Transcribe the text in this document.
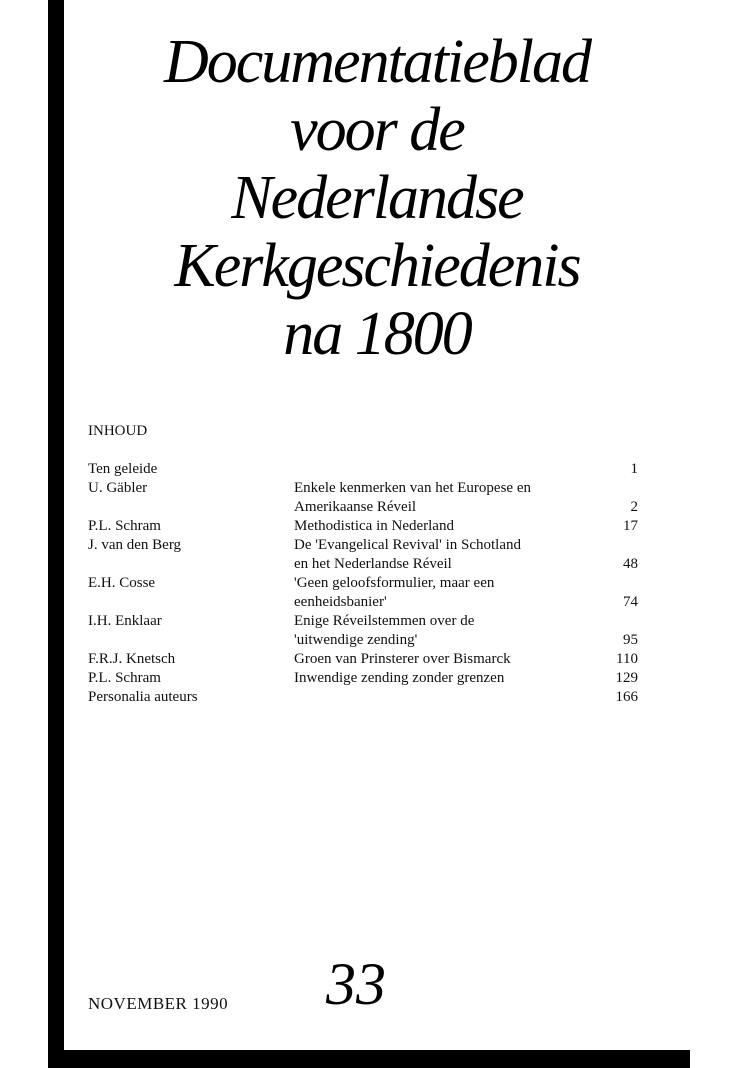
Documentatieblad
voor de
Nederlandse
Kerkgeschiedenis
na 1800
INHOUD
Ten geleide	1
U. Gäbler	Enkele kenmerken van het Europese en
Amerikaanse Réveil	2
P.L. Schram	Methodistica in Nederland	17
J. van den Berg	De 'Evangelical Revival' in Schotland
en het Nederlandse Réveil	48
E.H. Cosse	'Geen geloofsformulier, maar een
eenheidsbanier'	74
I.H. Enklaar	Enige Réveilstemmen over de
'uitwendige zending'	95
F.R.J. Knetsch	Groen van Prinsterer over Bismarck	110
P.L. Schram	Inwendige zending zonder grenzen	129
Personalia auteurs	166
NOVEMBER 1990 33
